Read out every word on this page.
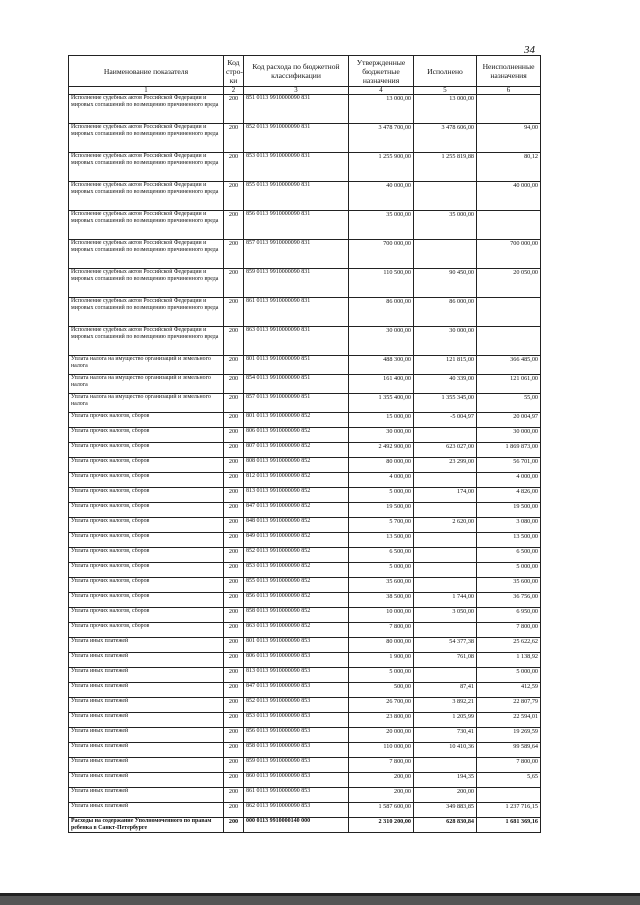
34
Наименование показателя	Код стро-ки	Код расхода по бюджетной классификации	Утвержденные бюджетные назначения	Исполнено	Неисполненные назначения
1	2	3	4	5	6
Исполнение судебных актов Российской Федерации и мировых соглашений по возмещению причиненного вреда	200	851 0113 9910000090 831	13 000,00	13 000,00	
Исполнение судебных актов Российской Федерации и мировых соглашений по возмещению причиненного вреда	200	852 0113 9910000090 831	3 478 700,00	3 478 606,00	94,00
Исполнение судебных актов Российской Федерации и мировых соглашений по возмещению причиненного вреда	200	853 0113 9910000090 831	1 255 900,00	1 255 819,88	80,12
Исполнение судебных актов Российской Федерации и мировых соглашений по возмещению причиненного вреда	200	855 0113 9910000090 831	40 000,00		40 000,00
Исполнение судебных актов Российской Федерации и мировых соглашений по возмещению причиненного вреда	200	856 0113 9910000090 831	35 000,00	35 000,00	
Исполнение судебных актов Российской Федерации и мировых соглашений по возмещению причиненного вреда	200	857 0113 9910000090 831	700 000,00		700 000,00
Исполнение судебных актов Российской Федерации и мировых соглашений по возмещению причиненного вреда	200	859 0113 9910000090 831	110 500,00	90 450,00	20 050,00
Исполнение судебных актов Российской Федерации и мировых соглашений по возмещению причиненного вреда	200	861 0113 9910000090 831	86 000,00	86 000,00	
Исполнение судебных актов Российской Федерации и мировых соглашений по возмещению причиненного вреда	200	863 0113 9910000090 831	30 000,00	30 000,00	
Уплата налога на имущество организаций и земельного налога	200	801 0113 9910000090 851	488 300,00	121 815,00	366 485,00
Уплата налога на имущество организаций и земельного налога	200	854 0113 9910000090 851	161 400,00	40 339,00	121 061,00
Уплата налога на имущество организаций и земельного налога	200	857 0113 9910000090 851	1 355 400,00	1 355 345,00	55,00
Уплата прочих налогов, сборов	200	801 0113 9910000090 852	15 000,00	-5 004,97	20 004,97
Уплата прочих налогов, сборов	200	806 0113 9910000090 852	30 000,00		30 000,00
Уплата прочих налогов, сборов	200	807 0113 9910000090 852	2 492 900,00	623 027,00	1 869 873,00
Уплата прочих налогов, сборов	200	808 0113 9910000090 852	80 000,00	23 299,00	56 701,00
Уплата прочих налогов, сборов	200	812 0113 9910000090 852	4 000,00		4 000,00
Уплата прочих налогов, сборов	200	813 0113 9910000090 852	5 000,00	174,00	4 826,00
Уплата прочих налогов, сборов	200	847 0113 9910000090 852	19 500,00		19 500,00
Уплата прочих налогов, сборов	200	848 0113 9910000090 852	5 700,00	2 620,00	3 080,00
Уплата прочих налогов, сборов	200	849 0113 9910000090 852	13 500,00		13 500,00
Уплата прочих налогов, сборов	200	852 0113 9910000090 852	6 500,00		6 500,00
Уплата прочих налогов, сборов	200	853 0113 9910000090 852	5 000,00		5 000,00
Уплата прочих налогов, сборов	200	855 0113 9910000090 852	35 600,00		35 600,00
Уплата прочих налогов, сборов	200	856 0113 9910000090 852	38 500,00	1 744,00	36 756,00
Уплата прочих налогов, сборов	200	858 0113 9910000090 852	10 000,00	3 050,00	6 950,00
Уплата прочих налогов, сборов	200	863 0113 9910000090 852	7 800,00		7 800,00
Уплата иных платежей	200	801 0113 9910000090 853	80 000,00	54 377,38	25 622,62
Уплата иных платежей	200	806 0113 9910000090 853	1 900,00	761,08	1 138,92
Уплата иных платежей	200	813 0113 9910000090 853	5 000,00		5 000,00
Уплата иных платежей	200	847 0113 9910000090 853	500,00	87,41	412,59
Уплата иных платежей	200	852 0113 9910000090 853	26 700,00	3 892,21	22 807,79
Уплата иных платежей	200	853 0113 9910000090 853	23 800,00	1 205,99	22 594,01
Уплата иных платежей	200	856 0113 9910000090 853	20 000,00	730,41	19 269,59
Уплата иных платежей	200	858 0113 9910000090 853	110 000,00	10 410,36	99 589,64
Уплата иных платежей	200	859 0113 9910000090 853	7 800,00		7 800,00
Уплата иных платежей	200	860 0113 9910000090 853	200,00	194,35	5,65
Уплата иных платежей	200	861 0113 9910000090 853	200,00	200,00	
Уплата иных платежей	200	862 0113 9910000090 853	1 587 600,00	349 883,85	1 237 716,15
Расходы на содержание Уполномоченного по правам ребенка в Санкт-Петербурге	200	000 0113 9910000140 000	2 310 200,00	628 830,84	1 681 369,16
